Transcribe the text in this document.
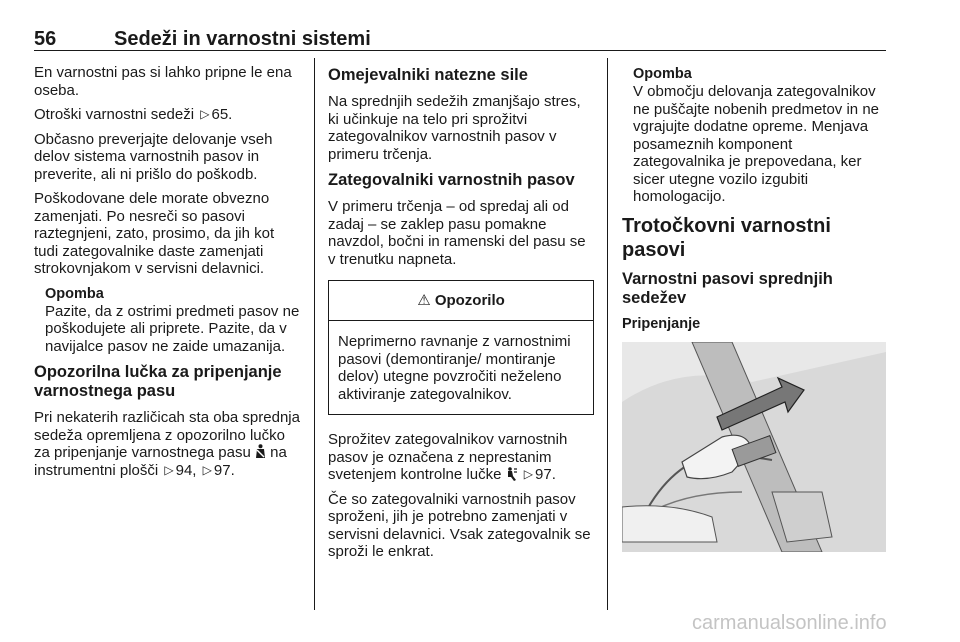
56	Sedeži in varnostni sistemi

En varnostni pas si lahko pripne le ena oseba.

Otroški varnostni sedeži ▷ 65.

Občasno preverjajte delovanje vseh delov sistema varnostnih pasov in preverite, ali ni prišlo do poškodb.

Poškodovane dele morate obvezno zamenjati. Po nesreči so pasovi raztegnjeni, zato, prosimo, da jih kot tudi zategovalnike daste zamenjati strokovnjakom v servisni delavnici.

Opomba

Pazite, da z ostrimi predmeti pasov ne poškodujete ali priprete. Pazite, da v navijalce pasov ne zaide umazanija.

Opozorilna lučka za pripenjanje varnostnega pasu

Pri nekaterih različicah sta oba sprednja sedeža opremljena z opozorilno lučko za pripenjanje varnostnega pasu na instrumentni plošči ▷ 94, ▷ 97.

Omejevalniki natezne sile

Na sprednjih sedežih zmanjšajo stres, ki učinkuje na telo pri sprožitvi zategovalnikov varnostnih pasov v primeru trčenja.

Zategovalniki varnostnih pasov

V primeru trčenja – od spredaj ali od zadaj – se zaklep pasu pomakne navzdol, bočni in ramenski del pasu se v trenutku napneta.

⚠ Opozorilo

Neprimerno ravnanje z varnostnimi pasovi (demontiranje/ montiranje delov) utegne povzročiti neželeno aktiviranje zategovalnikov.

Sprožitev zategovalnikov varnostnih pasov je označena z neprestanim svetenjem kontrolne lučke ▷ 97.

Če so zategovalniki varnostnih pasov sproženi, jih je potrebno zamenjati v servisni delavnici. Vsak zategovalnik se sproži le enkrat.

Opomba

V območju delovanja zategovalnikov ne puščajte nobenih predmetov in ne vgrajujte dodatne opreme. Menjava posameznih komponent zategovalnika je prepovedana, ker sicer utegne vozilo izgubiti homologacijo.

Trotočkovni varnostni pasovi
Varnostni pasovi sprednjih sedežev
Pripenjanje
carmanualsonline.info
